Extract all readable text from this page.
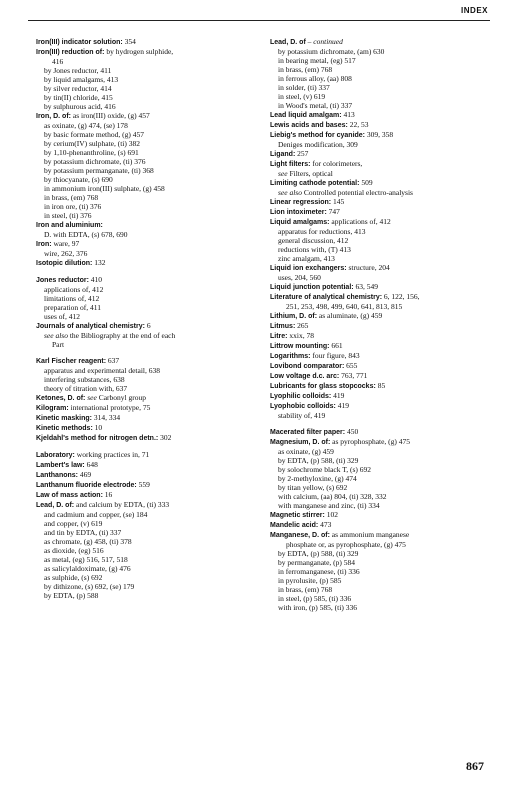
INDEX
Iron(III) indicator solution: 354
Iron(III) reduction of: by hydrogen sulphide,
416
by Jones reductor, 411
by liquid amalgams, 413
by silver reductor, 414
by tin(II) chloride, 415
by sulphurous acid, 416
Iron, D. of: as iron(III) oxide, (g) 457
as oxinate, (g) 474, (se) 178
by basic formate method, (g) 457
by cerium(IV) sulphate, (ti) 382
by 1,10-phenanthroline, (s) 691
by potassium dichromate, (ti) 376
by potassium permanganate, (ti) 368
by thiocyanate, (s) 690
in ammonium iron(III) sulphate, (g) 458
in brass, (em) 768
in iron ore, (ti) 376
in steel, (ti) 376
Iron and aluminium:
D. with EDTA, (s) 678, 690
Iron: ware, 97
wire, 262, 376
Isotopic dilution: 132
Jones reductor: 410
applications of, 412
limitations of, 412
preparation of, 411
uses of, 412
Journals of analytical chemistry: 6
see also the Bibliography at the end of each
Part
Karl Fischer reagent: 637
apparatus and experimental detail, 638
interfering substances, 638
theory of titration with, 637
Ketones, D. of: see Carbonyl group
Kilogram: international prototype, 75
Kinetic masking: 314, 334
Kinetic methods: 10
Kjeldahl's method for nitrogen detn.: 302
Laboratory: working practices in, 71
Lambert's law: 648
Lanthanons: 469
Lanthanum fluoride electrode: 559
Law of mass action: 16
Lead, D. of: and calcium by EDTA, (ti) 333
and cadmium and copper, (se) 184
and copper, (v) 619
and tin by EDTA, (ti) 337
as chromate, (g) 458, (ti) 378
as dioxide, (eg) 516
as metal, (eg) 516, 517, 518
as salicylaldoximate, (g) 476
as sulphide, (s) 692
by dithizone, (s) 692, (se) 179
by EDTA, (p) 588
Lead, D. of – continued
by potassium dichromate, (am) 630
in bearing metal, (eg) 517
in brass, (em) 768
in ferrous alloy, (aa) 808
in solder, (ti) 337
in steel, (v) 619
in Wood's metal, (ti) 337
Lead liquid amalgam: 413
Lewis acids and bases: 22, 53
Liebig's method for cyanide: 309, 358
Deniges modification, 309
Ligand: 257
Light filters: for colorimeters,
see Filters, optical
Limiting cathode potential: 509
see also Controlled potential electro-analysis
Linear regression: 145
Lion intoximeter: 747
Liquid amalgams: applications of, 412
apparatus for reductions, 413
general discussion, 412
reductions with, (T) 413
zinc amalgam, 413
Liquid ion exchangers: structure, 204
uses, 204, 560
Liquid junction potential: 63, 549
Literature of analytical chemistry: 6, 122, 156,
251, 253, 498, 499, 640, 641, 813, 815
Lithium, D. of: as aluminate, (g) 459
Litmus: 265
Litre: xxix, 78
Littrow mounting: 661
Logarithms: four figure, 843
Lovibond comparator: 655
Low voltage d.c. arc: 763, 771
Lubricants for glass stopcocks: 85
Lyophilic colloids: 419
Lyophobic colloids: 419
stability of, 419
Macerated filter paper: 450
Magnesium, D. of: as pyrophosphate, (g) 475
as oxinate, (g) 459
by EDTA, (p) 588, (ti) 329
by solochrome black T, (s) 692
by 2-methyloxine, (g) 474
by titan yellow, (s) 692
with calcium, (aa) 804, (ti) 328, 332
with manganese and zinc, (ti) 334
Magnetic stirrer: 102
Mandelic acid: 473
Manganese, D. of: as ammonium manganese
phosphate or, as pyrophosphate, (g) 475
by EDTA, (p) 588, (ti) 329
by permanganate, (p) 584
in ferromanganese, (ti) 336
in pyrolusite, (p) 585
in brass, (em) 768
in steel, (p) 585, (ti) 336
with iron, (p) 585, (ti) 336
867
